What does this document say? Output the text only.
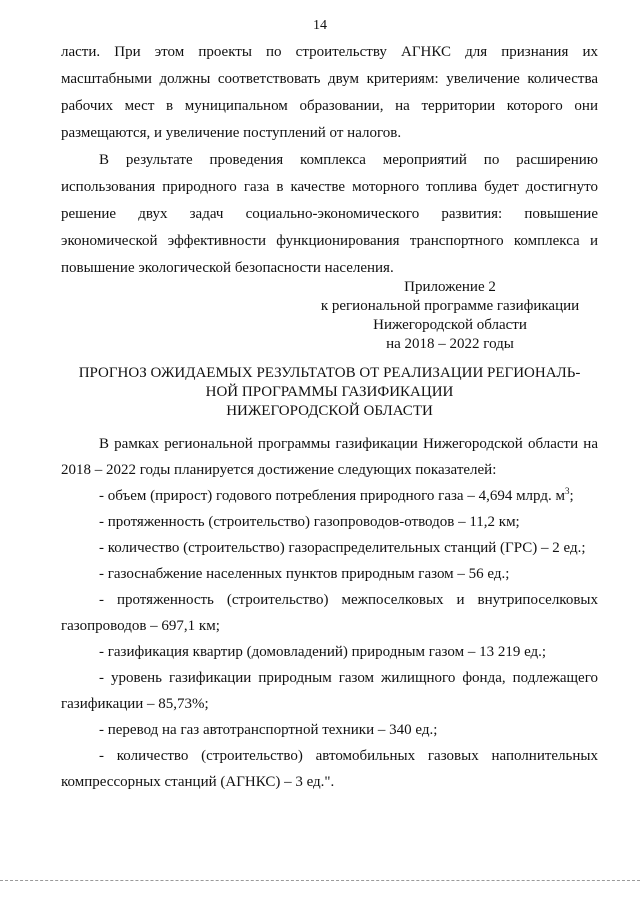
14

ласти. При этом проекты по строительству АГНКС для признания их масштабными должны соответствовать двум критериям: увеличение количества рабочих мест в муниципальном образовании, на территории которого они размещаются, и увеличение поступлений от налогов.

В результате проведения комплекса мероприятий по расширению использования природного газа в качестве моторного топлива будет достигнуто решение двух задач социально-экономического развития: повышение экономической эффективности функционирования транспортного комплекса и повышение экологической безопасности населения.

Приложение 2
к региональной программе газификации
Нижегородской области
на 2018 – 2022 годы
ПРОГНОЗ ОЖИДАЕМЫХ РЕЗУЛЬТАТОВ ОТ РЕАЛИЗАЦИИ РЕГИОНАЛЬ-
НОЙ ПРОГРАММЫ ГАЗИФИКАЦИИ
НИЖЕГОРОДСКОЙ ОБЛАСТИ

В рамках региональной программы газификации Нижегородской области на 2018 – 2022 годы планируется достижение следующих показателей:

- объем (прирост) годового потребления природного газа – 4,694 млрд. $м^3$;

- протяженность (строительство) газопроводов-отводов – 11,2 км;

- количество (строительство) газораспределительных станций (ГРС) – 2 ед.;

- газоснабжение населенных пунктов природным газом – 56 ед.;

- протяженность (строительство) межпоселковых и внутрипоселковых газопроводов – 697,1 км;

- газификация квартир (домовладений) природным газом – 13 219 ед.;

- уровень газификации природным газом жилищного фонда, подлежащего газификации – 85,73%;

- перевод на газ автотранспортной техники – 340 ед.;

- количество (строительство) автомобильных газовых наполнительных компрессорных станций (АГНКС) – 3 ед.".
